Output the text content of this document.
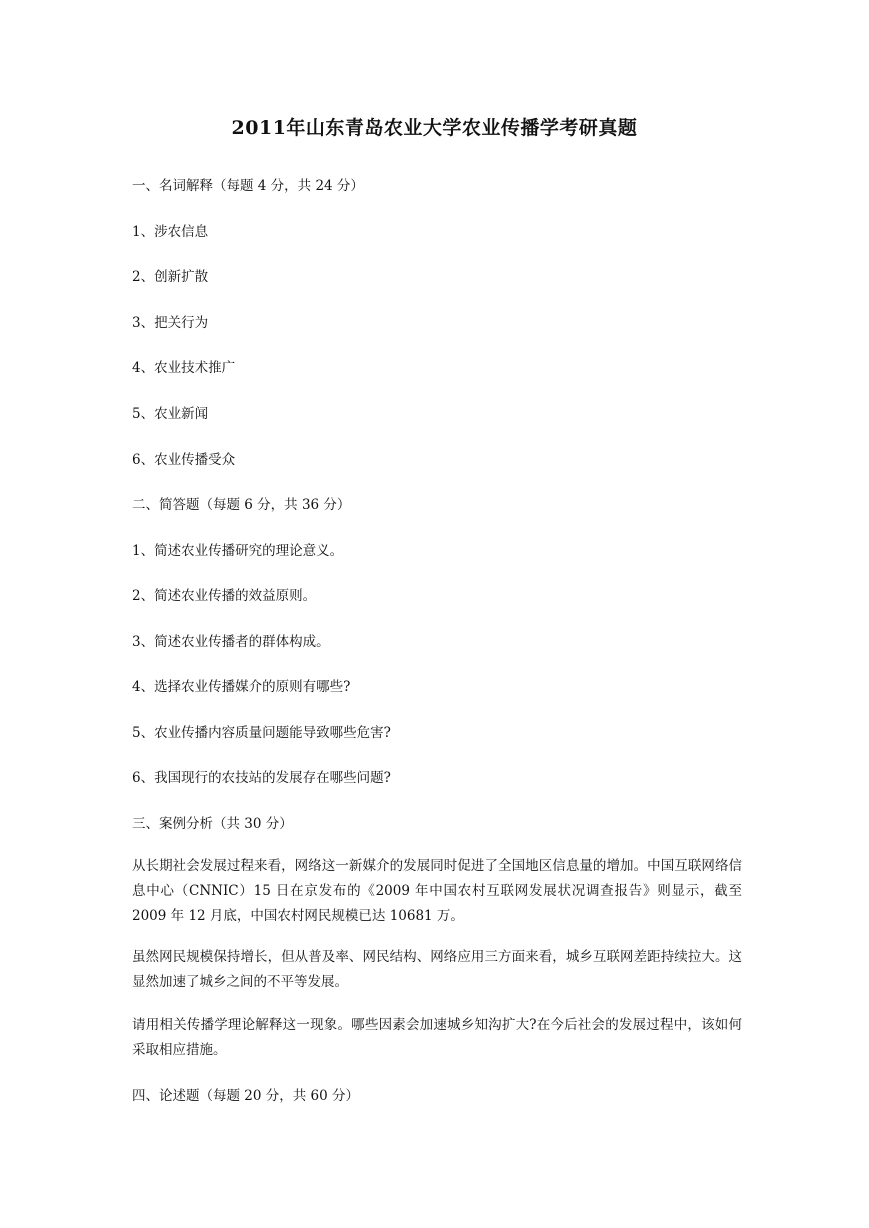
2011年山东青岛农业大学农业传播学考研真题
一、名词解释（每题 4 分，共 24 分）
1、涉农信息
2、创新扩散
3、把关行为
4、农业技术推广
5、农业新闻
6、农业传播受众
二、简答题（每题 6 分，共 36 分）
1、简述农业传播研究的理论意义。
2、简述农业传播的效益原则。
3、简述农业传播者的群体构成。
4、选择农业传播媒介的原则有哪些?
5、农业传播内容质量问题能导致哪些危害?
6、我国现行的农技站的发展存在哪些问题?
三、案例分析（共 30 分）
从长期社会发展过程来看，网络这一新媒介的发展同时促进了全国地区信息量的增加。中国互联网络信息中心（CNNIC）15 日在京发布的《2009 年中国农村互联网发展状况调查报告》则显示，截至 2009 年 12 月底，中国农村网民规模已达 10681 万。
虽然网民规模保持增长，但从普及率、网民结构、网络应用三方面来看，城乡互联网差距持续拉大。这显然加速了城乡之间的不平等发展。
请用相关传播学理论解释这一现象。哪些因素会加速城乡知沟扩大?在今后社会的发展过程中，该如何采取相应措施。
四、论述题（每题 20 分，共 60 分）
